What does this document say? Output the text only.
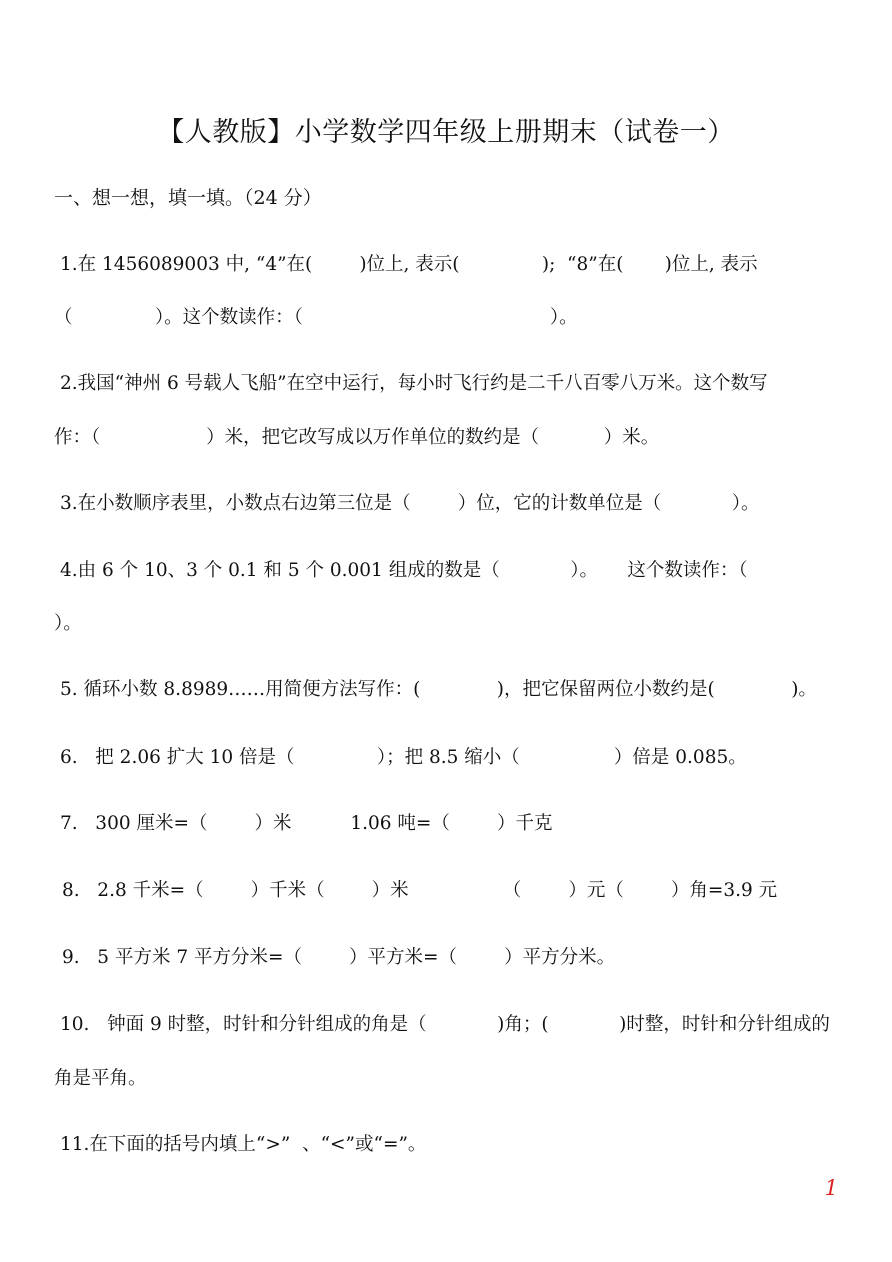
【人教版】小学数学四年级上册期末（试卷一）
一、想一想，填一填。（24 分）
1.在 1456089003 中, “4”在(        )位上, 表示(              );  “8”在(       )位上, 表示
（              ）。这个数读作：（                                          ）。
2.我国“神州 6 号载人飞船”在空中运行，每小时飞行约是二千八百零八万米。这个数写
作：（                  ）米，把它改写成以万作单位的数约是（           ）米。
3.在小数顺序表里，小数点右边第三位是（        ）位，它的计数单位是（            ）。
4.由 6 个 10、3 个 0.1 和 5 个 0.001 组成的数是（            ）。     这个数读作：（
）。
5. 循环小数 8.8989……用简便方法写作：(             )，把它保留两位小数约是(             )。
6.   把 2.06 扩大 10 倍是（              ）；把 8.5 缩小（                ）倍是 0.085。
7.   300 厘米=（        ）米          1.06 吨=（        ）千克
8.   2.8 千米=（        ）千米（        ）米                （        ）元（        ）角=3.9 元
9.   5 平方米 7 平方分米=（        ）平方米=（        ）平方分米。
10.   钟面 9 时整，时针和分针组成的角是（            )角；(            )时整，时针和分针组成的
角是平角。
11.在下面的括号内填上“>”  、“<”或“=”。
1
